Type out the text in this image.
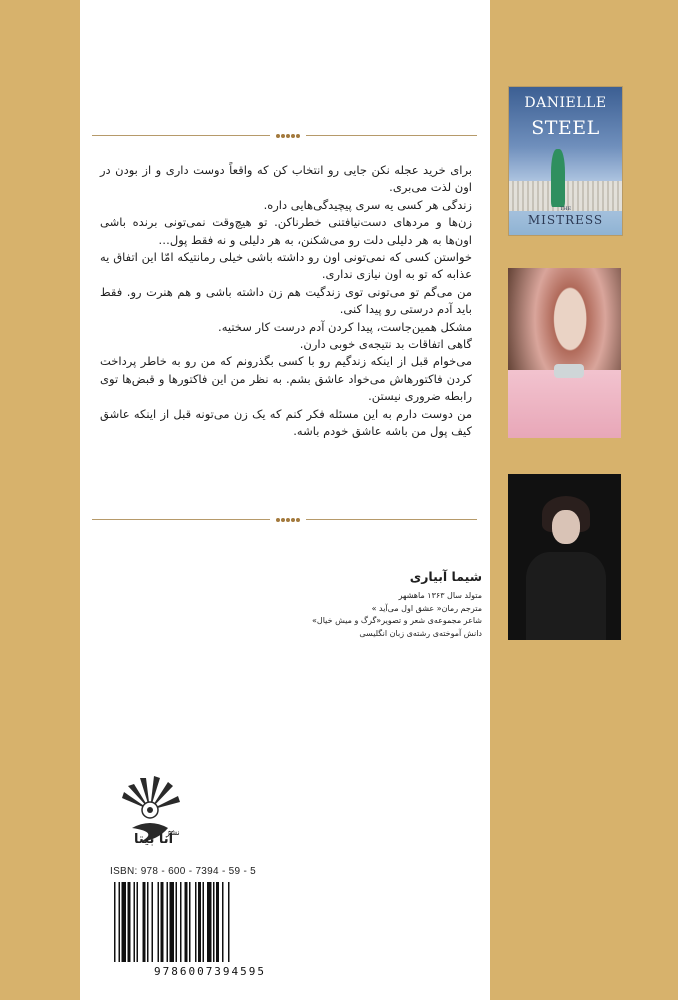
برای خرید عجله نکن جایی رو انتخاب کن که واقعاً دوست داری و از بودن در اون لذت می‌بری.

زندگی هر کسی یه سری پیچیدگی‌هایی داره.

زن‌ها و مردهای دست‌نیافتنی خطرناکن. تو هیچ‌وقت نمی‌تونی برنده باشی اون‌ها به هر دلیلی دلت رو می‌شکنن، به هر دلیلی و نه فقط پول…

خواستن کسی که نمی‌تونی اون رو داشته باشی خیلی رمانتیکه امّا این اتفاق یه عذابه که تو به اون نیازی نداری.

من می‌گم تو می‌تونی توی زندگیت هم زن داشته باشی و هم هنرت رو. فقط باید آدم درستی رو پیدا کنی.

مشکل همین‌جاست، پیدا کردن آدم درست کار سختیه.

گاهی اتفاقات بد نتیجه‌ی خوبی دارن.

می‌خوام قبل از اینکه زندگیم رو با کسی بگذرونم که من رو به خاطر پرداخت کردن فاکتورهاش می‌خواد عاشق بشم. به نظر من این فاکتورها و قبض‌ها توی رابطه ضروری نیستن.

من دوست دارم به این مسئله فکر کنم که یک زن می‌تونه قبل از اینکه عاشق کیف پول من باشه عاشق خودم باشه.

شیما آبیاری
متولد سال ۱۳۶۳ ماهشهر
مترجم رمان« عشق اول می‌آید »
شاعر مجموعه‌ی شعر و تصویر«گرگ و میش خیال»
دانش آموخته‌ی رشته‌ی زبان انگلیسی
DANIELLE
STEEL
THE
MISTRESS
نشر
آنا بیتا
ISBN: 978 - 600 - 7394 - 59 - 5
9786007394595
